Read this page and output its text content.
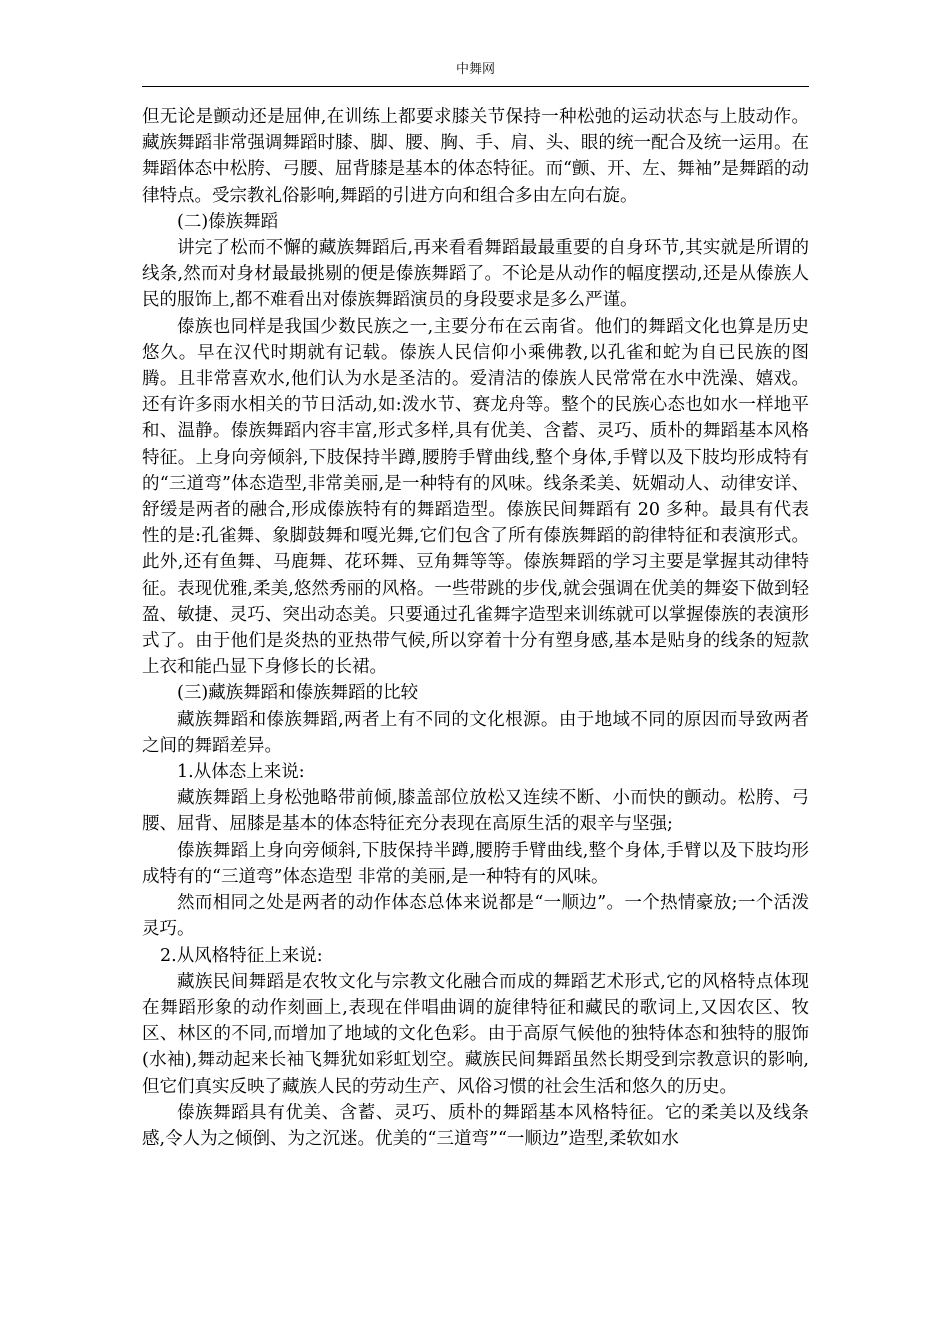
中舞网

但无论是颤动还是屈伸,在训练上都要求膝关节保持一种松弛的运动状态与上肢动作。藏族舞蹈非常强调舞蹈时膝、脚、腰、胸、手、肩、头、眼的统一配合及统一运用。在舞蹈体态中松胯、弓腰、屈背膝是基本的体态特征。而“颤、开、左、舞袖”是舞蹈的动律特点。受宗教礼俗影响,舞蹈的引进方向和组合多由左向右旋。

(二)傣族舞蹈

讲完了松而不懈的藏族舞蹈后,再来看看舞蹈最最重要的自身环节,其实就是所谓的线条,然而对身材最最挑剔的便是傣族舞蹈了。不论是从动作的幅度摆动,还是从傣族人民的服饰上,都不难看出对傣族舞蹈演员的身段要求是多么严谨。

傣族也同样是我国少数民族之一,主要分布在云南省。他们的舞蹈文化也算是历史悠久。早在汉代时期就有记载。傣族人民信仰小乘佛教,以孔雀和蛇为自已民族的图腾。且非常喜欢水,他们认为水是圣洁的。爱清洁的傣族人民常常在水中洗澡、嬉戏。还有许多雨水相关的节日活动,如:泼水节、赛龙舟等。整个的民族心态也如水一样地平和、温静。傣族舞蹈内容丰富,形式多样,具有优美、含蓄、灵巧、质朴的舞蹈基本风格特征。上身向旁倾斜,下肢保持半蹲,腰胯手臂曲线,整个身体,手臂以及下肢均形成特有的“三道弯”体态造型,非常美丽,是一种特有的风味。线条柔美、妩媚动人、动律安详、舒缓是两者的融合,形成傣族特有的舞蹈造型。傣族民间舞蹈有 20 多种。最具有代表性的是:孔雀舞、象脚鼓舞和嘎光舞,它们包含了所有傣族舞蹈的韵律特征和表演形式。此外,还有鱼舞、马鹿舞、花环舞、豆角舞等等。傣族舞蹈的学习主要是掌握其动律特征。表现优雅,柔美,悠然秀丽的风格。一些带跳的步伐,就会强调在优美的舞姿下做到轻盈、敏捷、灵巧、突出动态美。只要通过孔雀舞字造型来训练就可以掌握傣族的表演形式了。由于他们是炎热的亚热带气候,所以穿着十分有塑身感,基本是贴身的线条的短款上衣和能凸显下身修长的长裙。

(三)藏族舞蹈和傣族舞蹈的比较

藏族舞蹈和傣族舞蹈,两者上有不同的文化根源。由于地域不同的原因而导致两者之间的舞蹈差异。

1.从体态上来说:

藏族舞蹈上身松弛略带前倾,膝盖部位放松又连续不断、小而快的颤动。松胯、弓腰、屈背、屈膝是基本的体态特征充分表现在高原生活的艰辛与坚强;

傣族舞蹈上身向旁倾斜,下肢保持半蹲,腰胯手臂曲线,整个身体,手臂以及下肢均形成特有的“三道弯”体态造型 非常的美丽,是一种特有的风味。

然而相同之处是两者的动作体态总体来说都是“一顺边”。一个热情豪放;一个活泼灵巧。

2.从风格特征上来说:

藏族民间舞蹈是农牧文化与宗教文化融合而成的舞蹈艺术形式,它的风格特点体现在舞蹈形象的动作刻画上,表现在伴唱曲调的旋律特征和藏民的歌词上,又因农区、牧区、林区的不同,而增加了地域的文化色彩。由于高原气候他的独特体态和独特的服饰(水袖),舞动起来长袖飞舞犹如彩虹划空。藏族民间舞蹈虽然长期受到宗教意识的影响,但它们真实反映了藏族人民的劳动生产、风俗习惯的社会生活和悠久的历史。

傣族舞蹈具有优美、含蓄、灵巧、质朴的舞蹈基本风格特征。它的柔美以及线条感,令人为之倾倒、为之沉迷。优美的“三道弯”“一顺边”造型,柔软如水
